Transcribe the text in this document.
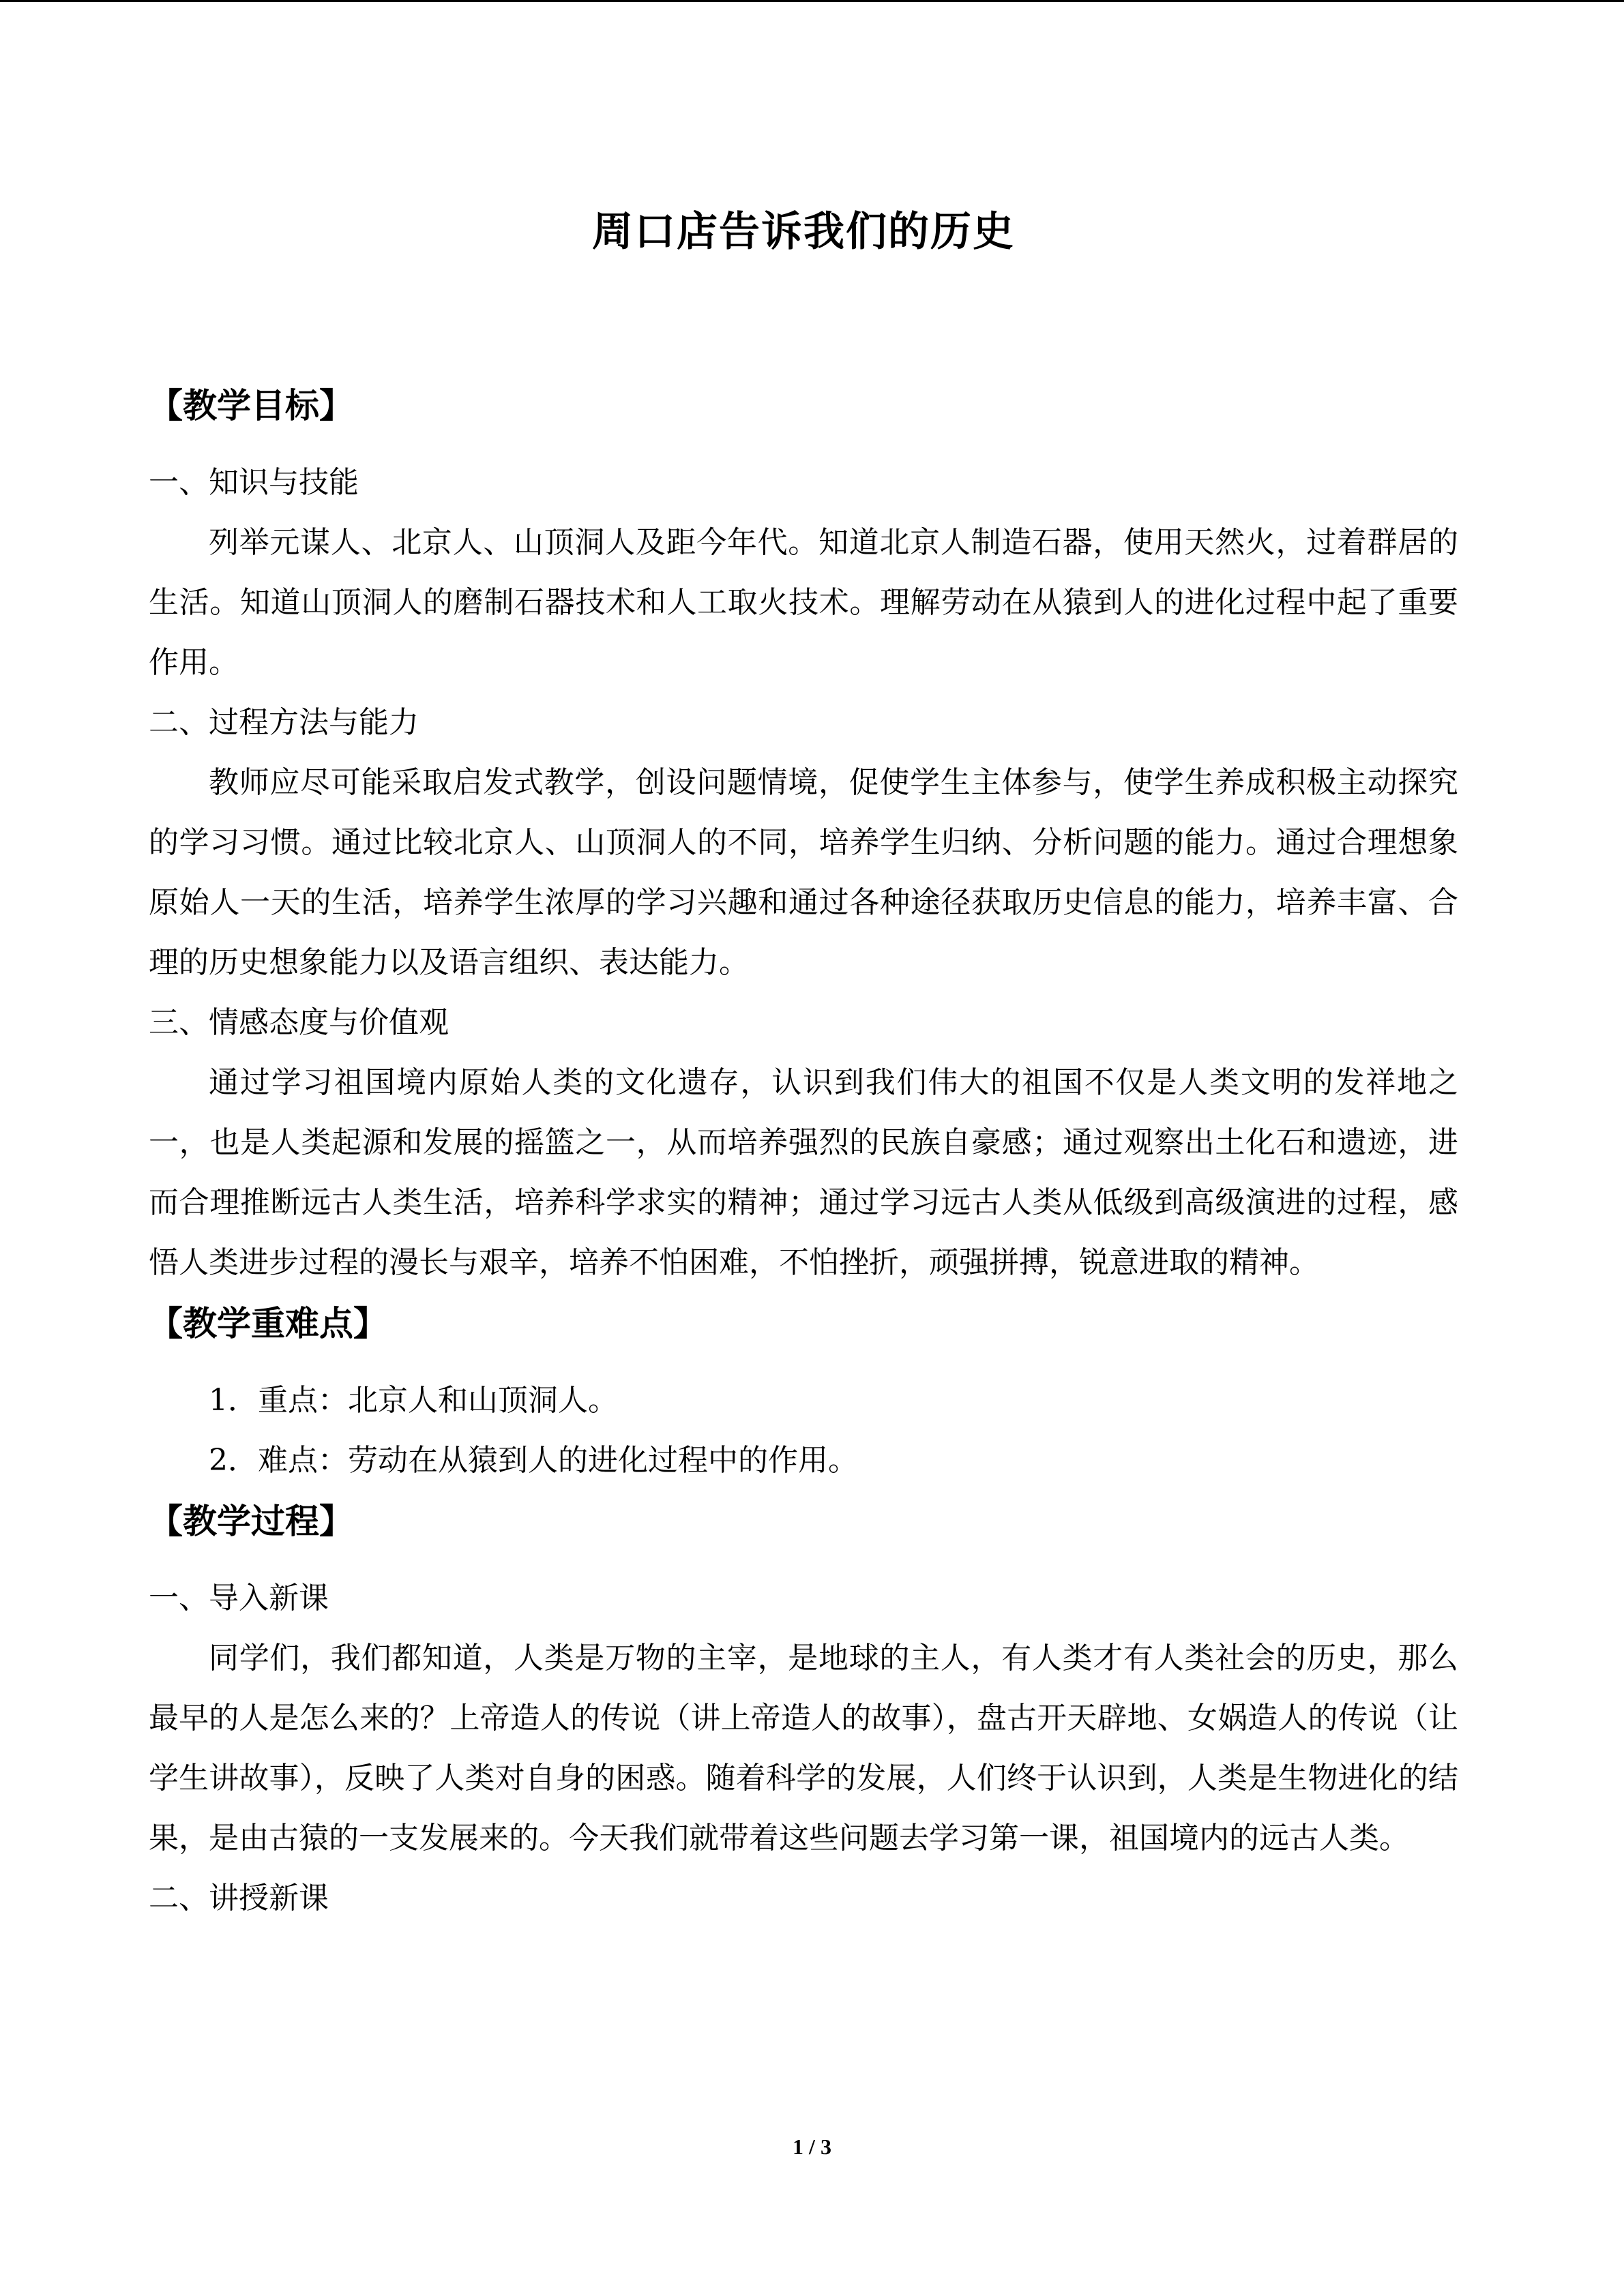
周口店告诉我们的历史
【教学目标】

一、知识与技能

列举元谋人、北京人、山顶洞人及距今年代。知道北京人制造石器，使用天然火，过着群居的生活。知道山顶洞人的磨制石器技术和人工取火技术。理解劳动在从猿到人的进化过程中起了重要作用。

二、过程方法与能力

教师应尽可能采取启发式教学，创设问题情境，促使学生主体参与，使学生养成积极主动探究的学习习惯。通过比较北京人、山顶洞人的不同，培养学生归纳、分析问题的能力。通过合理想象原始人一天的生活，培养学生浓厚的学习兴趣和通过各种途径获取历史信息的能力，培养丰富、合理的历史想象能力以及语言组织、表达能力。

三、情感态度与价值观

通过学习祖国境内原始人类的文化遗存，认识到我们伟大的祖国不仅是人类文明的发祥地之一，也是人类起源和发展的摇篮之一，从而培养强烈的民族自豪感；通过观察出土化石和遗迹，进而合理推断远古人类生活，培养科学求实的精神；通过学习远古人类从低级到高级演进的过程，感悟人类进步过程的漫长与艰辛，培养不怕困难，不怕挫折，顽强拼搏，锐意进取的精神。

【教学重难点】

1．重点：北京人和山顶洞人。

2．难点：劳动在从猿到人的进化过程中的作用。

【教学过程】

一、导入新课

同学们，我们都知道，人类是万物的主宰，是地球的主人，有人类才有人类社会的历史，那么最早的人是怎么来的？上帝造人的传说（讲上帝造人的故事），盘古开天辟地、女娲造人的传说（让学生讲故事），反映了人类对自身的困惑。随着科学的发展，人们终于认识到，人类是生物进化的结果，是由古猿的一支发展来的。今天我们就带着这些问题去学习第一课，祖国境内的远古人类。

二、讲授新课

1 / 3
